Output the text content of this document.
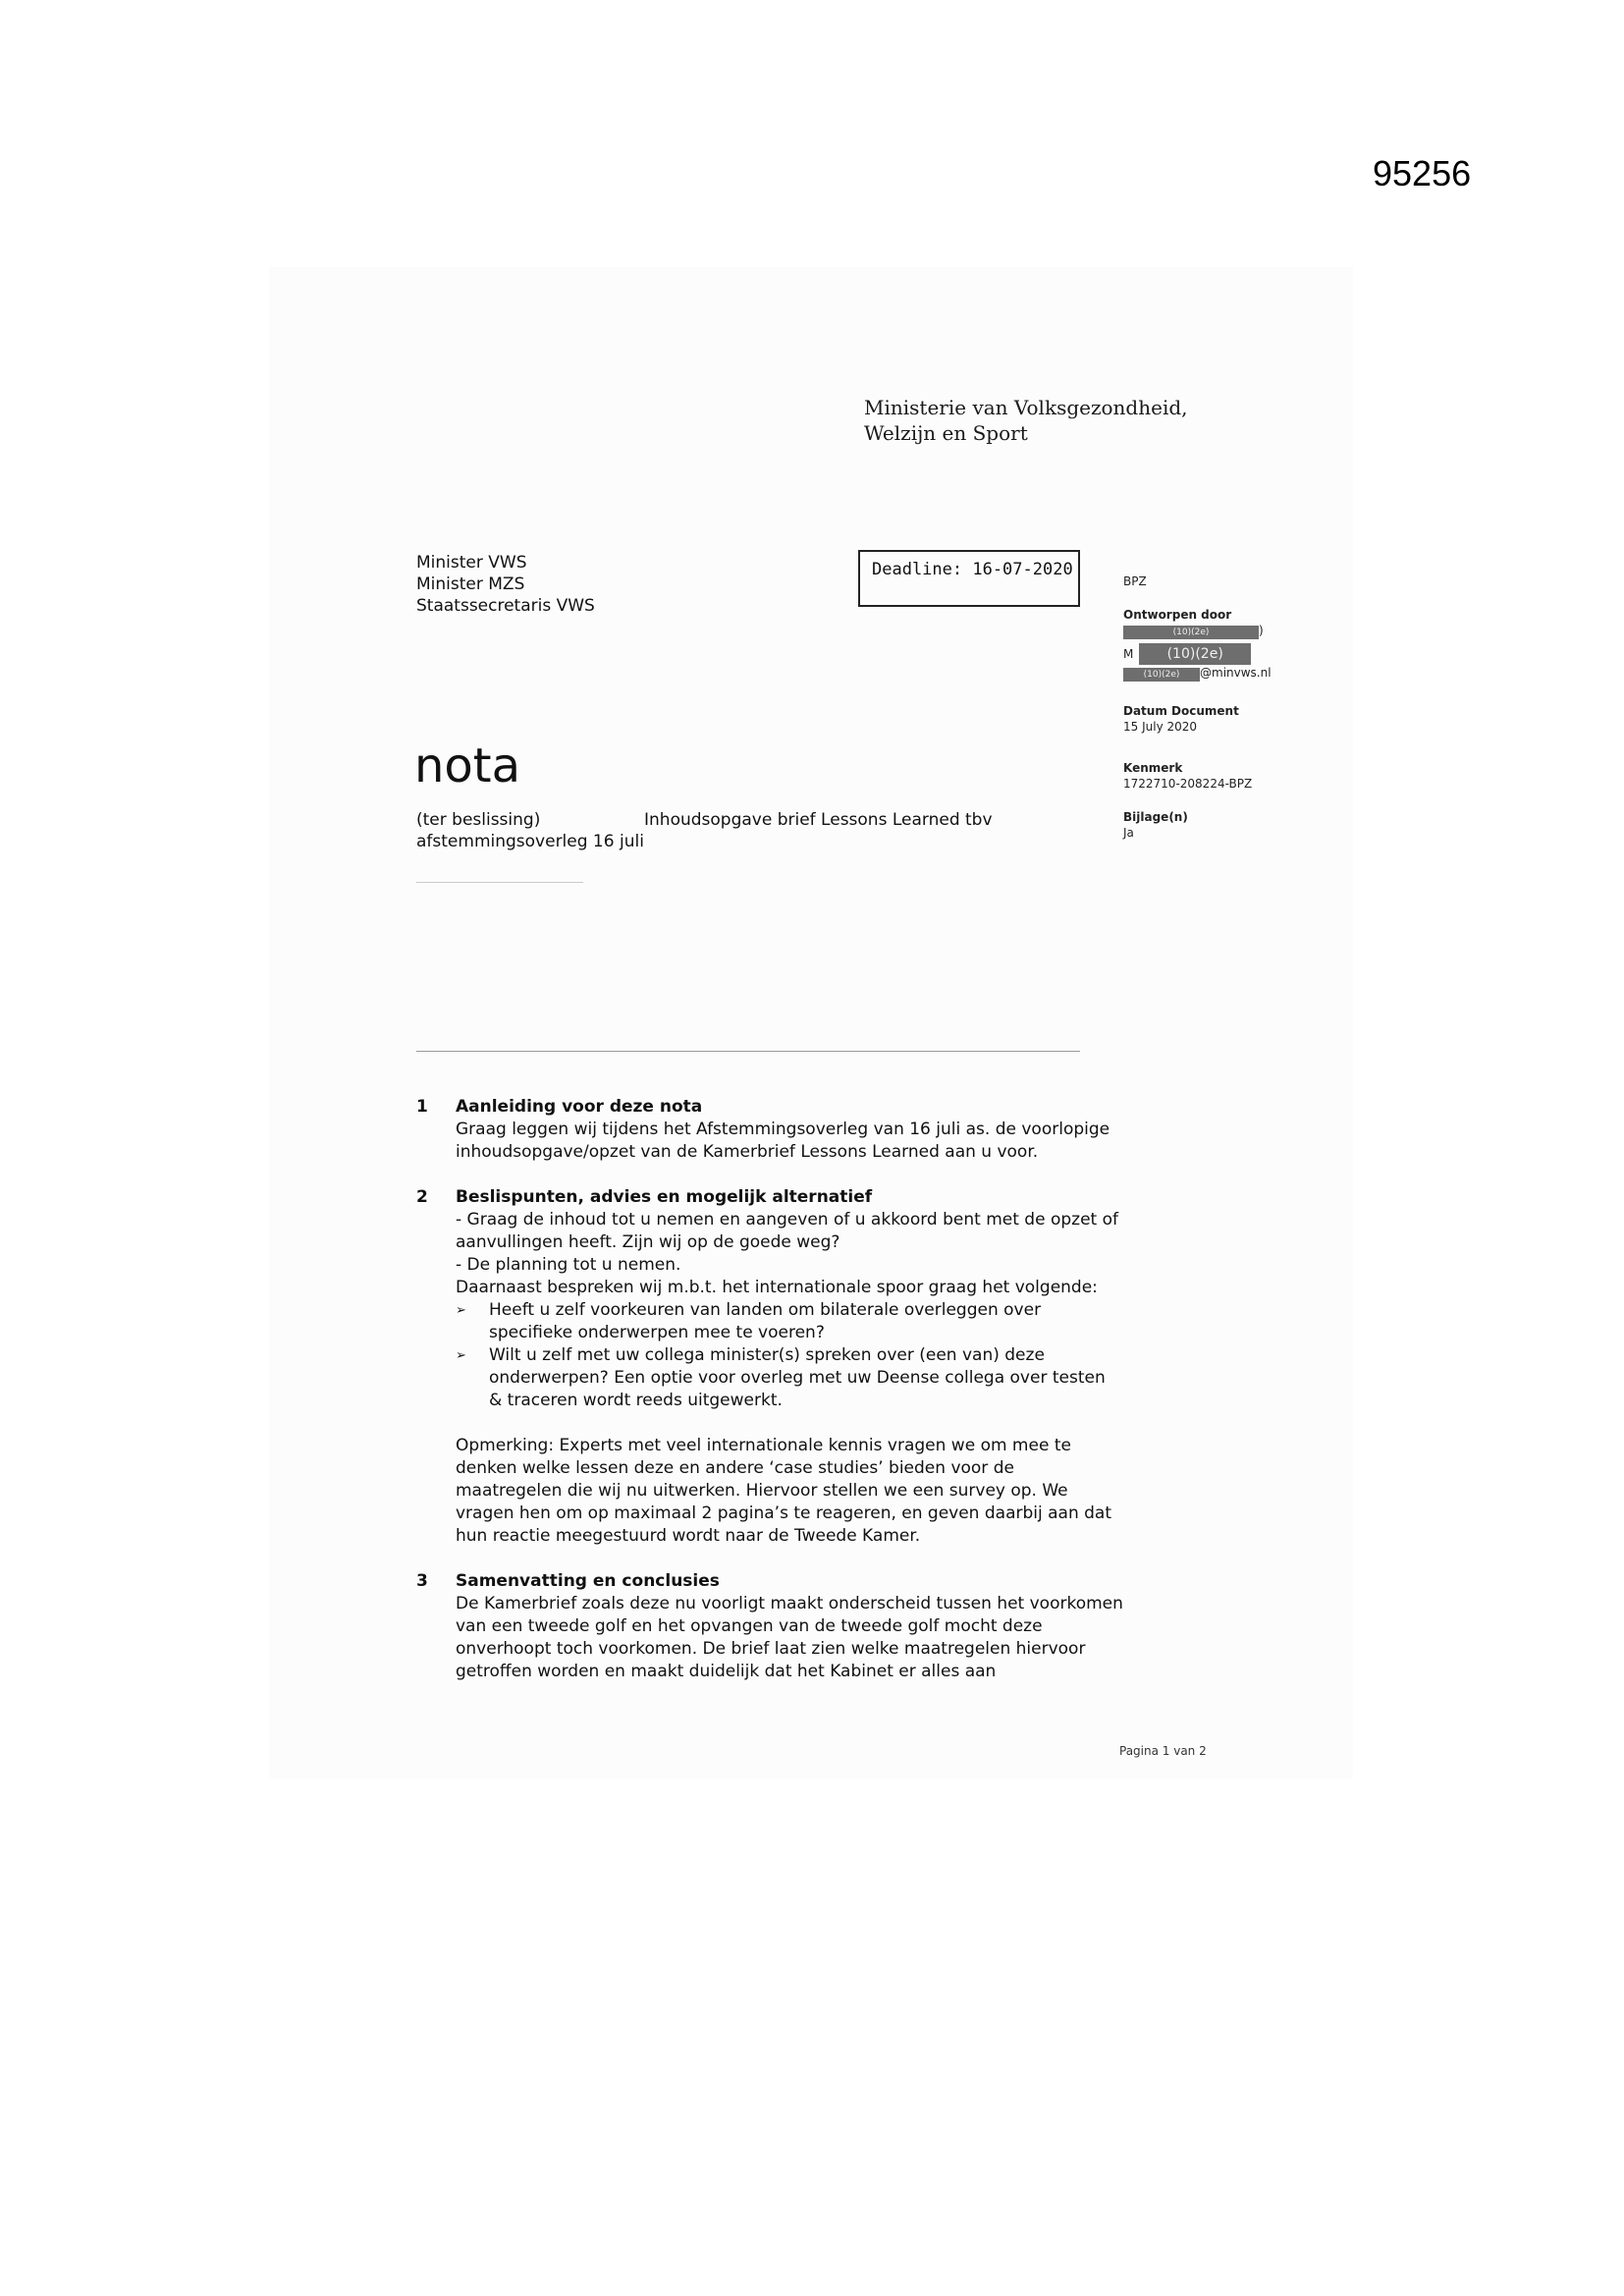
95256
Ministerie van Volksgezondheid,
Welzijn en Sport
Minister VWS
Minister MZS
Staatssecretaris VWS
Deadline: 16-07-2020
BPZ
Ontworpen door
(10)(2e)	)
M (10)(2e)
(10)(2e) @minvws.nl
Datum Document
15 July 2020
Kenmerk
1722710-208224-BPZ
Bijlage(n)
Ja
nota
(ter beslissing)	Inhoudsopgave brief Lessons Learned tbv
afstemmingsoverleg 16 juli
1 Aanleiding voor deze nota

Graag leggen wij tijdens het Afstemmingsoverleg van 16 juli as. de voorlopige inhoudsopgave/opzet van de Kamerbrief Lessons Learned aan u voor.

2 Beslispunten, advies en mogelijk alternatief

- Graag de inhoud tot u nemen en aangeven of u akkoord bent met de opzet of aanvullingen heeft. Zijn wij op de goede weg?

- De planning tot u nemen.

Daarnaast bespreken wij m.b.t. het internationale spoor graag het volgende:

➢ Heeft u zelf voorkeuren van landen om bilaterale overleggen over specifieke onderwerpen mee te voeren?
➢ Wilt u zelf met uw collega minister(s) spreken over (een van) deze onderwerpen? Een optie voor overleg met uw Deense collega over testen & traceren wordt reeds uitgewerkt.

Opmerking: Experts met veel internationale kennis vragen we om mee te denken welke lessen deze en andere ‘case studies’ bieden voor de maatregelen die wij nu uitwerken. Hiervoor stellen we een survey op. We vragen hen om op maximaal 2 pagina’s te reageren, en geven daarbij aan dat hun reactie meegestuurd wordt naar de Tweede Kamer.

3 Samenvatting en conclusies

De Kamerbrief zoals deze nu voorligt maakt onderscheid tussen het voorkomen van een tweede golf en het opvangen van de tweede golf mocht deze onverhoopt toch voorkomen. De brief laat zien welke maatregelen hiervoor getroffen worden en maakt duidelijk dat het Kabinet er alles aan

Pagina 1 van 2
